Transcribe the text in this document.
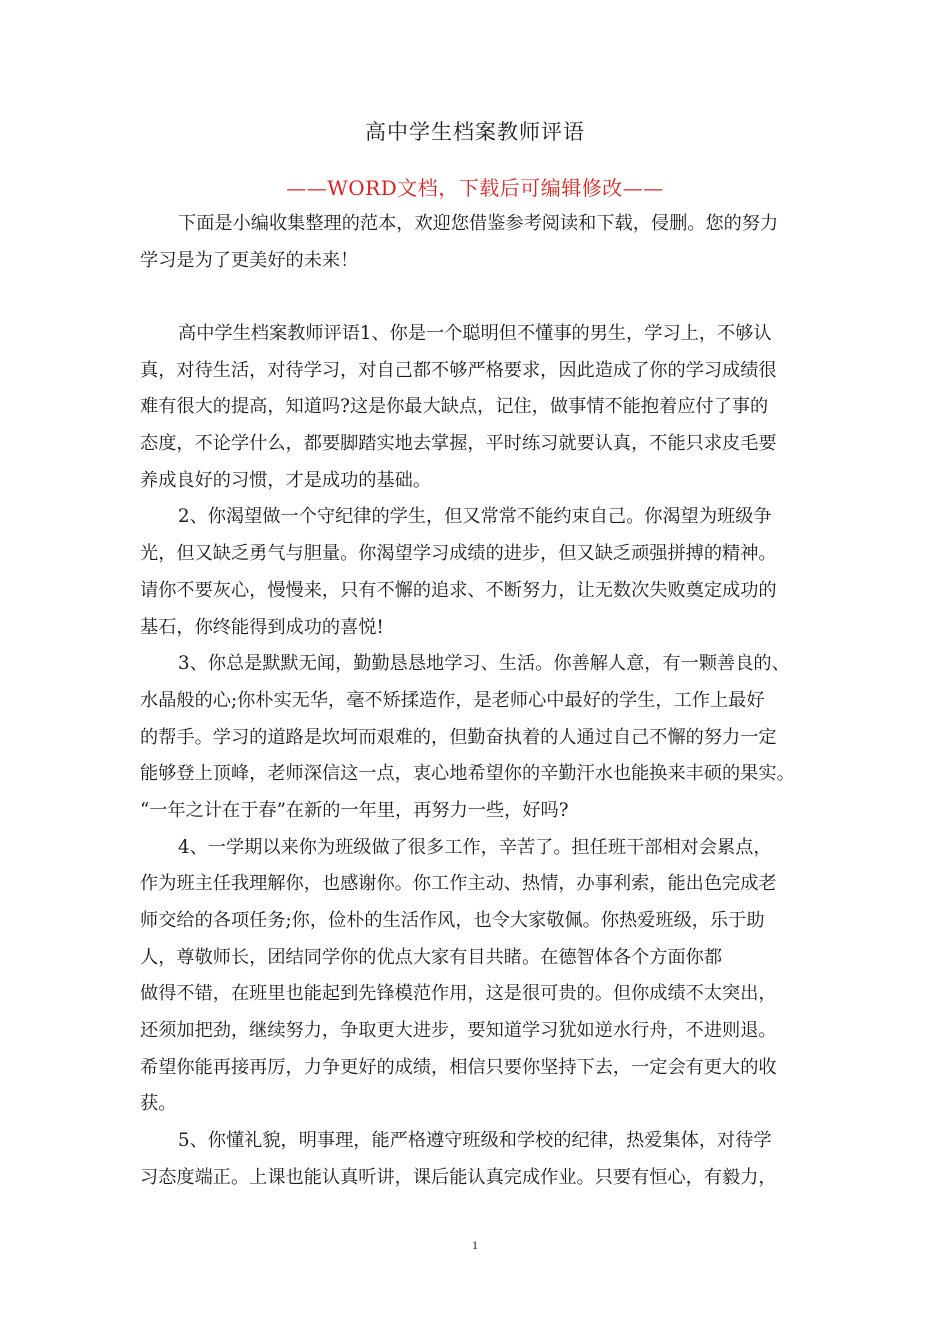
高中学生档案教师评语
——WORD文档，下载后可编辑修改——
下面是小编收集整理的范本，欢迎您借鉴参考阅读和下载，侵删。您的努力
学习是为了更美好的未来！
高中学生档案教师评语1、你是一个聪明但不懂事的男生，学习上，不够认
真，对待生活，对待学习，对自己都不够严格要求，因此造成了你的学习成绩很
难有很大的提高，知道吗?这是你最大缺点，记住，做事情不能抱着应付了事的
态度，不论学什么，都要脚踏实地去掌握，平时练习就要认真，不能只求皮毛要
养成良好的习惯，才是成功的基础。
2、你渴望做一个守纪律的学生，但又常常不能约束自己。你渴望为班级争
光，但又缺乏勇气与胆量。你渴望学习成绩的进步，但又缺乏顽强拼搏的精神。
请你不要灰心，慢慢来，只有不懈的追求、不断努力，让无数次失败奠定成功的
基石，你终能得到成功的喜悦!
3、你总是默默无闻，勤勤恳恳地学习、生活。你善解人意，有一颗善良的、
水晶般的心;你朴实无华，毫不矫揉造作，是老师心中最好的学生，工作上最好
的帮手。学习的道路是坎坷而艰难的，但勤奋执着的人通过自己不懈的努力一定
能够登上顶峰，老师深信这一点，衷心地希望你的辛勤汗水也能换来丰硕的果实。
“一年之计在于春”在新的一年里，再努力一些，好吗?
4、一学期以来你为班级做了很多工作，辛苦了。担任班干部相对会累点，
作为班主任我理解你，也感谢你。你工作主动、热情，办事利索，能出色完成老
师交给的各项任务;你，俭朴的生活作风，也令大家敬佩。你热爱班级，乐于助
人，尊敬师长，团结同学你的优点大家有目共睹。在德智体各个方面你都
做得不错，在班里也能起到先锋模范作用，这是很可贵的。但你成绩不太突出，
还须加把劲，继续努力，争取更大进步，要知道学习犹如逆水行舟，不进则退。
希望你能再接再厉，力争更好的成绩，相信只要你坚持下去，一定会有更大的收
获。
5、你懂礼貌，明事理，能严格遵守班级和学校的纪律，热爱集体，对待学
习态度端正。上课也能认真听讲，课后能认真完成作业。只要有恒心，有毅力，
1
